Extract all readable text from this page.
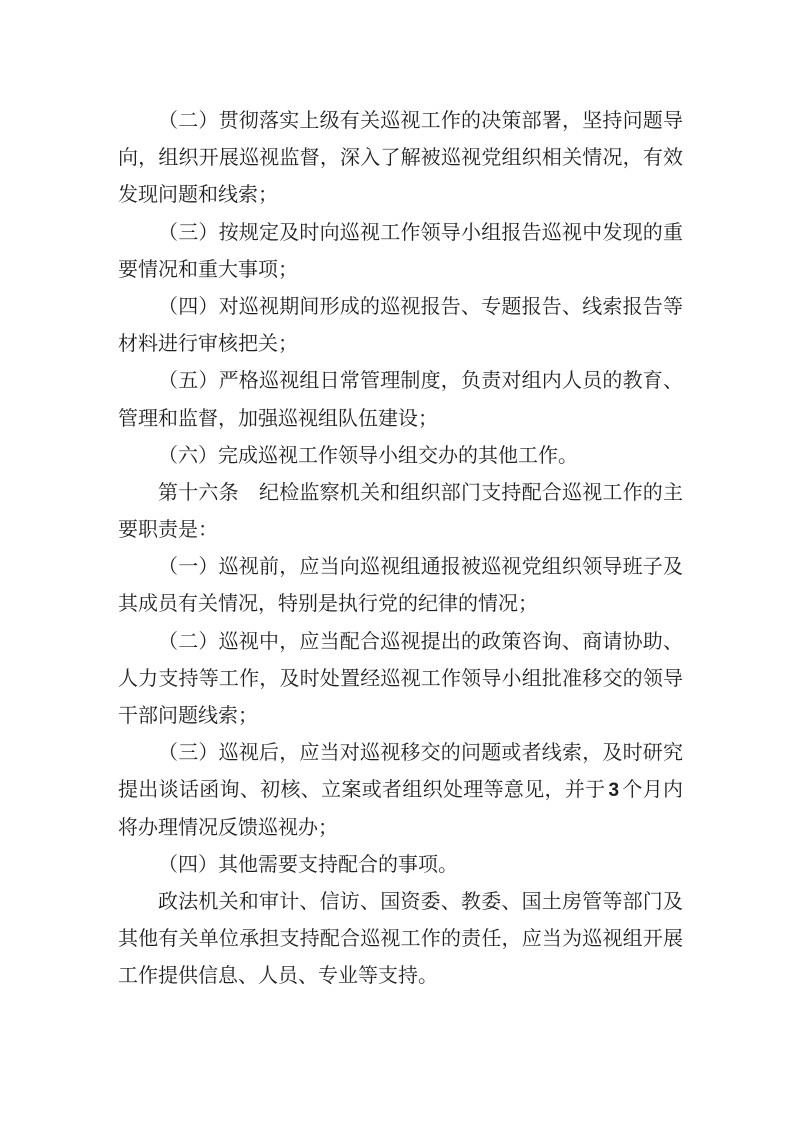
（二）贯彻落实上级有关巡视工作的决策部署，坚持问题导
向，组织开展巡视监督，深入了解被巡视党组织相关情况，有效
发现问题和线索；
（三）按规定及时向巡视工作领导小组报告巡视中发现的重
要情况和重大事项；
（四）对巡视期间形成的巡视报告、专题报告、线索报告等
材料进行审核把关；
（五）严格巡视组日常管理制度，负责对组内人员的教育、
管理和监督，加强巡视组队伍建设；
（六）完成巡视工作领导小组交办的其他工作。
第十六条　纪检监察机关和组织部门支持配合巡视工作的主
要职责是：
（一）巡视前，应当向巡视组通报被巡视党组织领导班子及
其成员有关情况，特别是执行党的纪律的情况；
（二）巡视中，应当配合巡视提出的政策咨询、商请协助、
人力支持等工作，及时处置经巡视工作领导小组批准移交的领导
干部问题线索；
（三）巡视后，应当对巡视移交的问题或者线索，及时研究
提出谈话函询、初核、立案或者组织处理等意见，并于 3 个月内
将办理情况反馈巡视办；
（四）其他需要支持配合的事项。
政法机关和审计、信访、国资委、教委、国土房管等部门及
其他有关单位承担支持配合巡视工作的责任，应当为巡视组开展
工作提供信息、人员、专业等支持。
